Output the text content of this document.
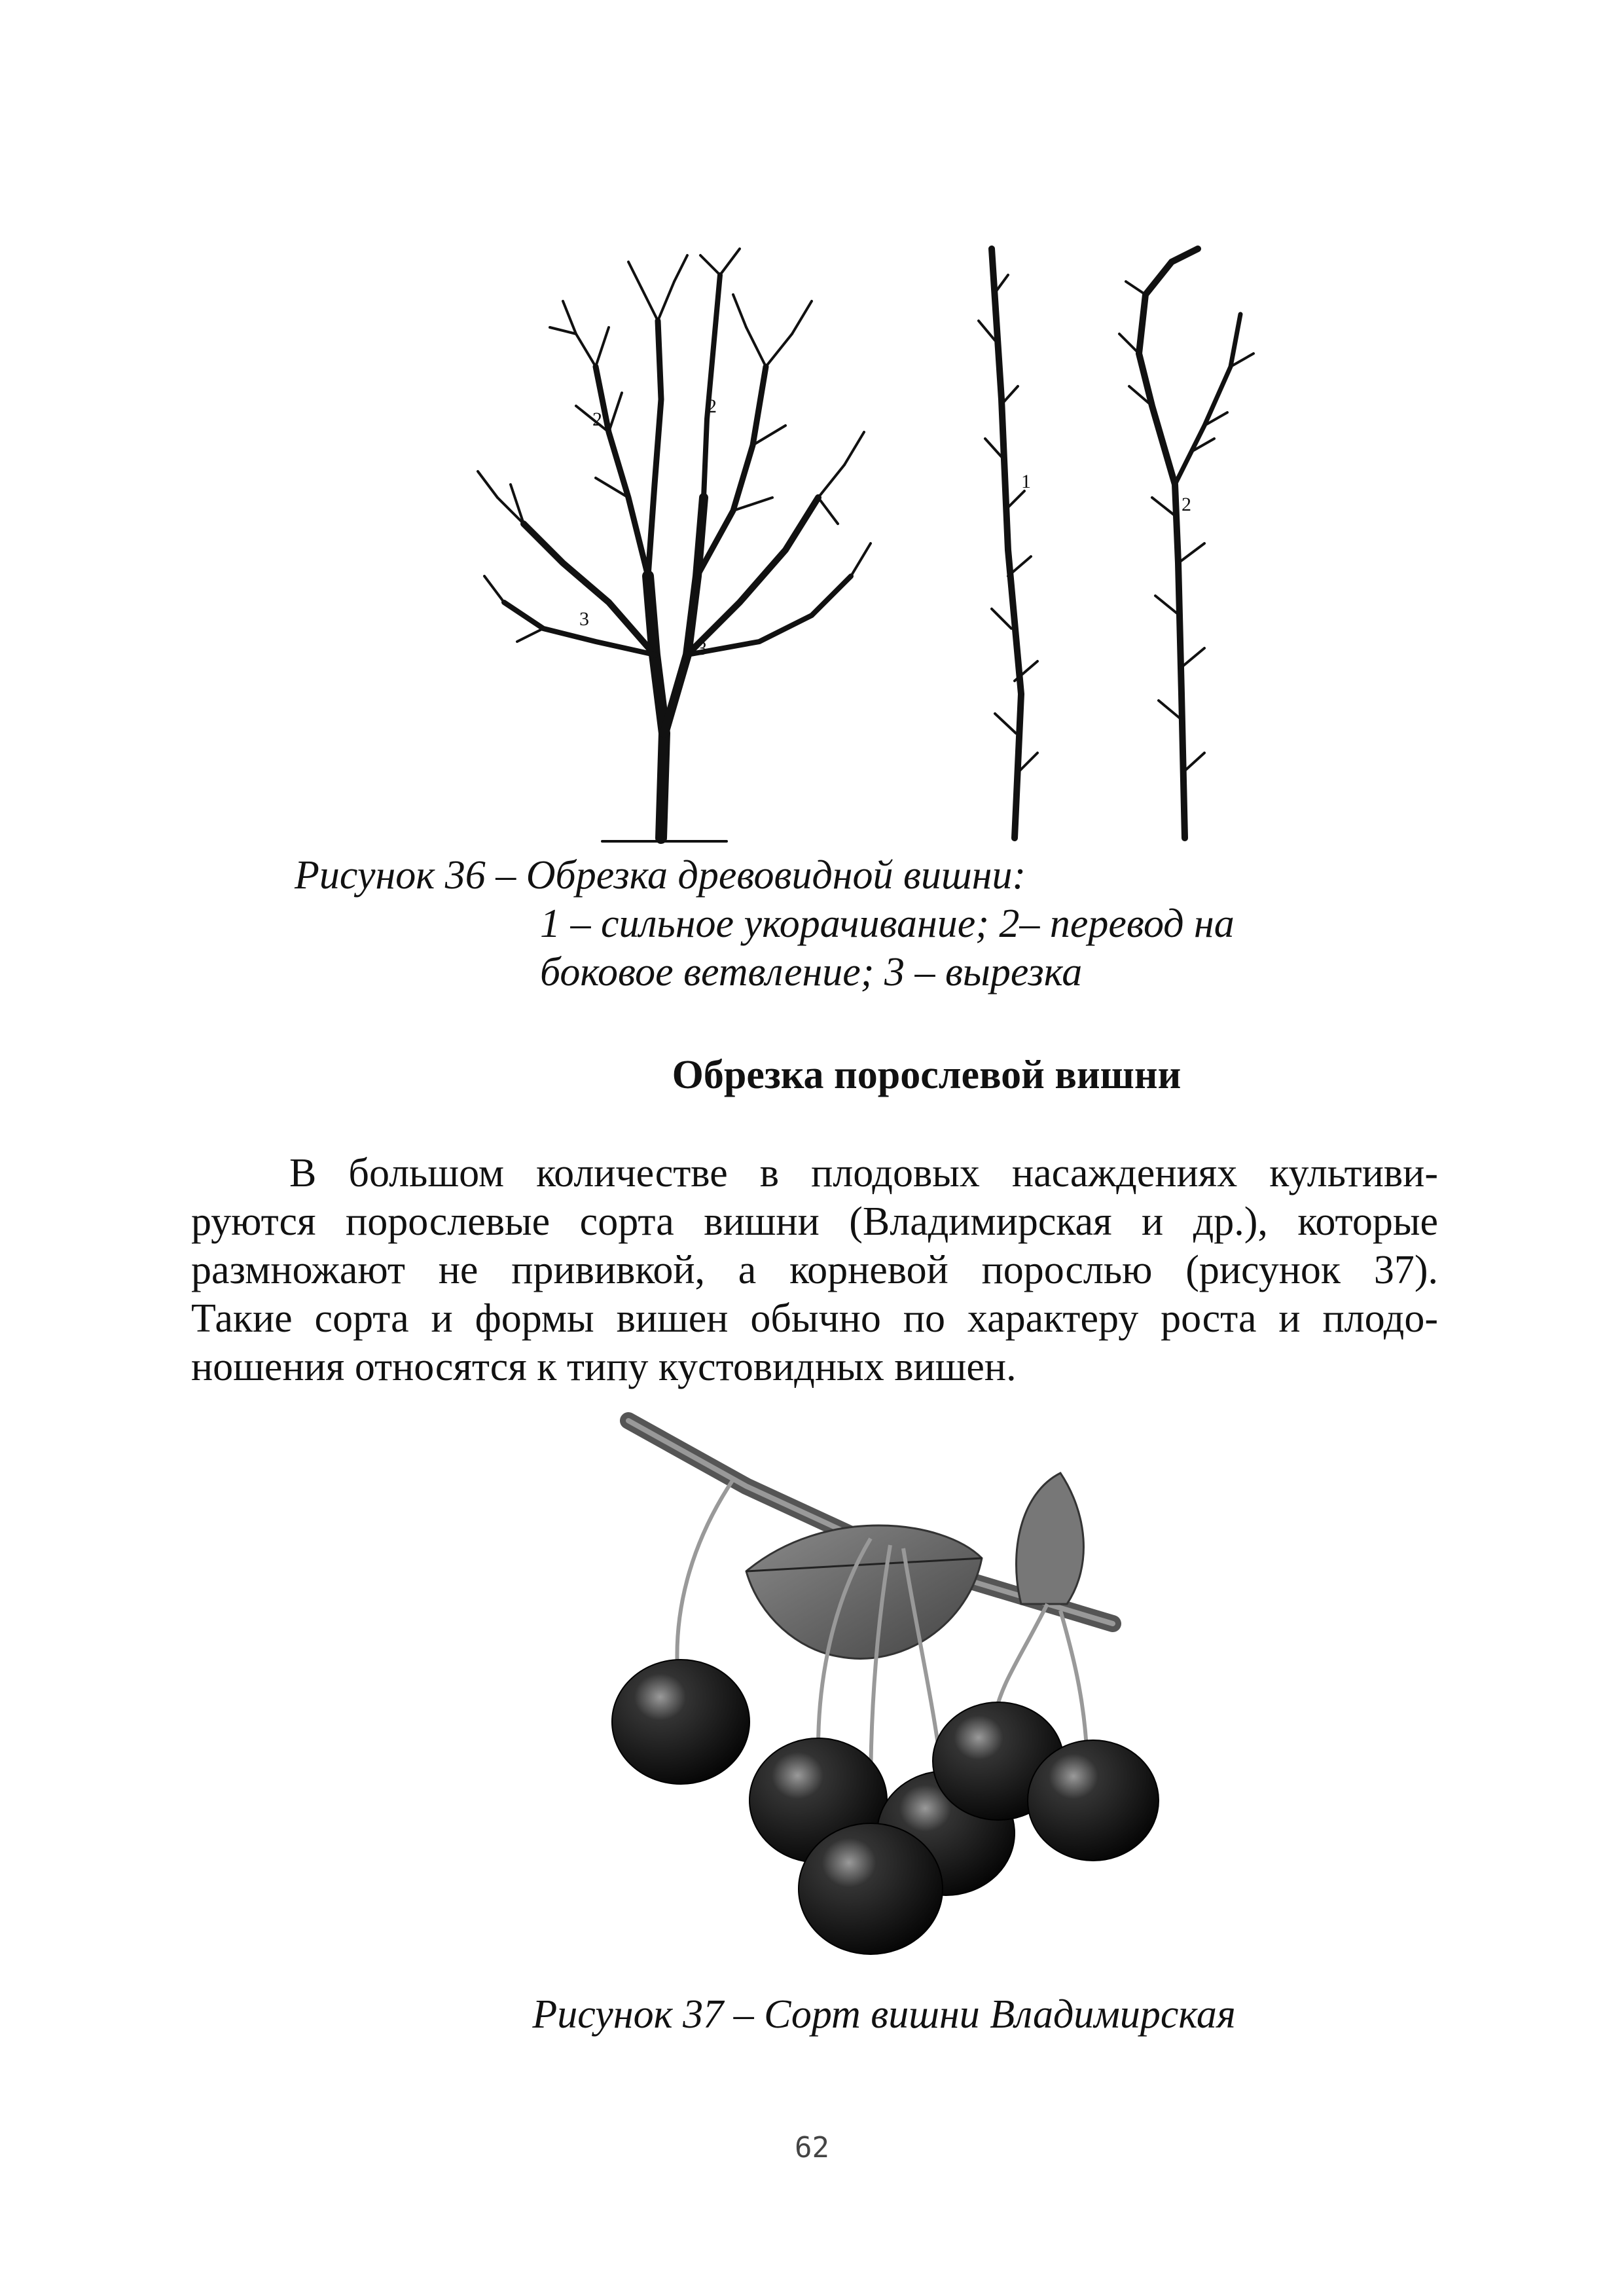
2
2
3
3
1
2
Рисунок 36 – Обрезка древовидной вишни:
1 – сильное укорачивание; 2– перевод на
боковое ветвление; 3 – вырезка
Обрезка порослевой вишни
В большом количестве в плодовых насаждениях культиви-
руются порослевые сорта вишни (Владимирская и др.), которые
размножают не прививкой, а корневой порослью (рисунок 37).
Такие сорта и формы вишен обычно по характеру роста и плодо-
ношения относятся к типу кустовидных вишен.
Рисунок 37 – Сорт вишни Владимирская
62
